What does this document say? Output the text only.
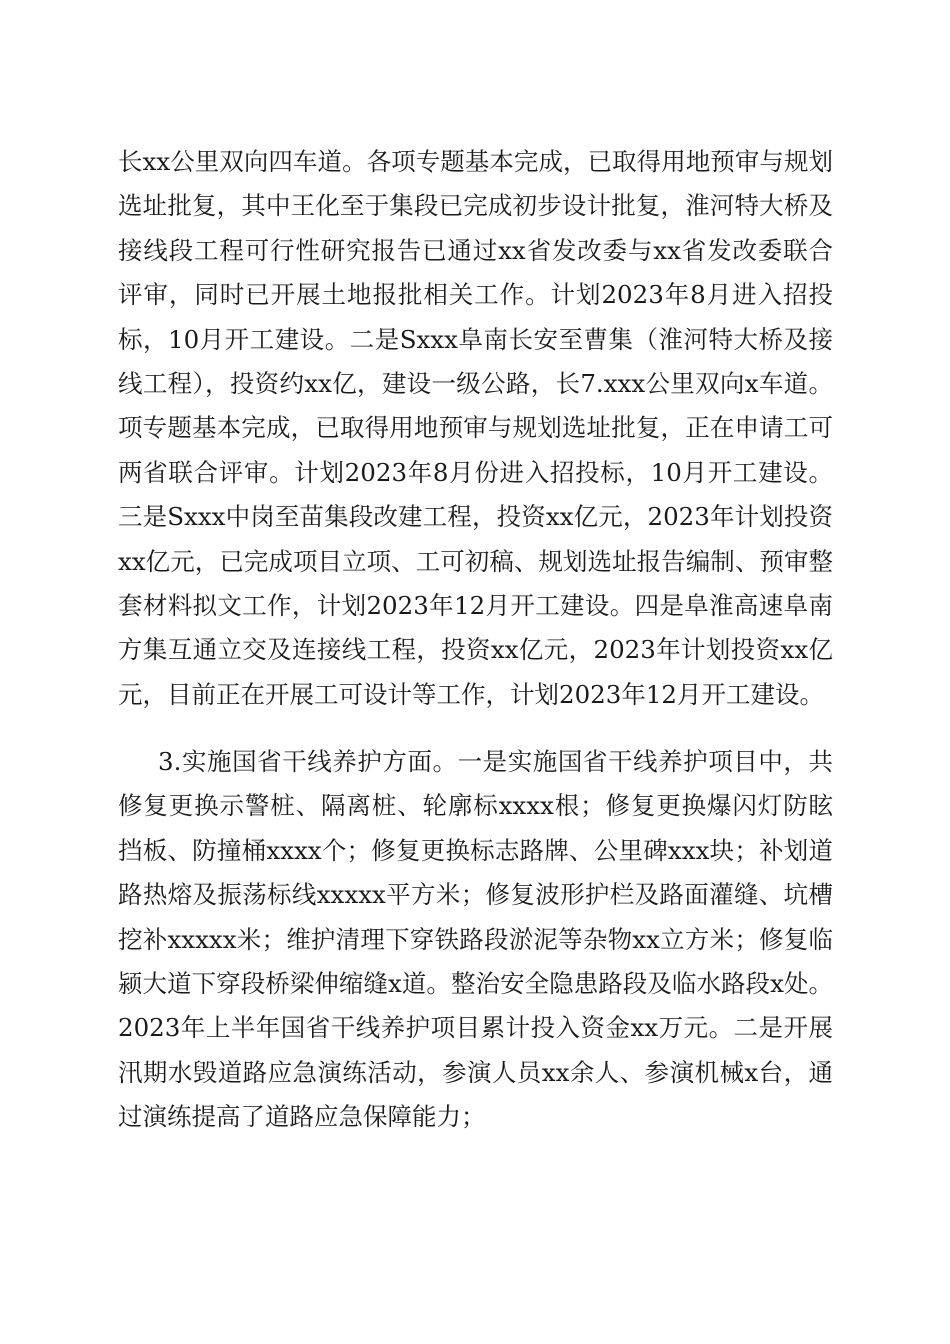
长xx公里双向四车道。各项专题基本完成，已取得用地预审与规划选址批复，其中王化至于集段已完成初步设计批复，淮河特大桥及接线段工程可行性研究报告已通过xx省发改委与xx省发改委联合评审，同时已开展土地报批相关工作。计划2023年8月进入招投标，10月开工建设。二是Sxxx阜南长安至曹集（淮河特大桥及接线工程），投资约xx亿，建设一级公路，长7.xxx公里双向x车道。项专题基本完成，已取得用地预审与规划选址批复，正在申请工可两省联合评审。计划2023年8月份进入招投标，10月开工建设。三是Sxxx中岗至苗集段改建工程，投资xx亿元，2023年计划投资xx亿元，已完成项目立项、工可初稿、规划选址报告编制、预审整套材料拟文工作，计划2023年12月开工建设。四是阜淮高速阜南方集互通立交及连接线工程，投资xx亿元，2023年计划投资xx亿元，目前正在开展工可设计等工作，计划2023年12月开工建设。

3.实施国省干线养护方面。一是实施国省干线养护项目中，共修复更换示警桩、隔离桩、轮廓标xxxx根；修复更换爆闪灯防眩挡板、防撞桶xxxx个；修复更换标志路牌、公里碑xxx块；补划道路热熔及振荡标线xxxxx平方米；修复波形护栏及路面灌缝、坑槽挖补xxxxx米；维护清理下穿铁路段淤泥等杂物xx立方米；修复临颍大道下穿段桥梁伸缩缝x道。整治安全隐患路段及临水路段x处。2023年上半年国省干线养护项目累计投入资金xx万元。二是开展汛期水毁道路应急演练活动，参演人员xx余人、参演机械x台，通过演练提高了道路应急保障能力；
